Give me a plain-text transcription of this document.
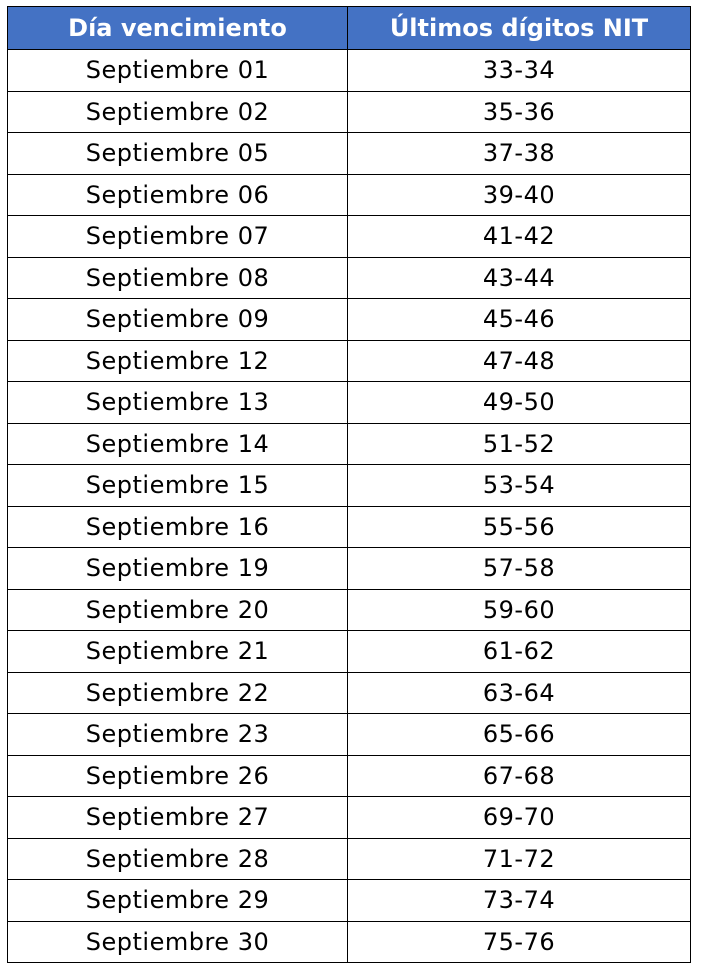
Día vencimiento	Últimos dígitos NIT
Septiembre 01	33-34
Septiembre 02	35-36
Septiembre 05	37-38
Septiembre 06	39-40
Septiembre 07	41-42
Septiembre 08	43-44
Septiembre 09	45-46
Septiembre 12	47-48
Septiembre 13	49-50
Septiembre 14	51-52
Septiembre 15	53-54
Septiembre 16	55-56
Septiembre 19	57-58
Septiembre 20	59-60
Septiembre 21	61-62
Septiembre 22	63-64
Septiembre 23	65-66
Septiembre 26	67-68
Septiembre 27	69-70
Septiembre 28	71-72
Septiembre 29	73-74
Septiembre 30	75-76
